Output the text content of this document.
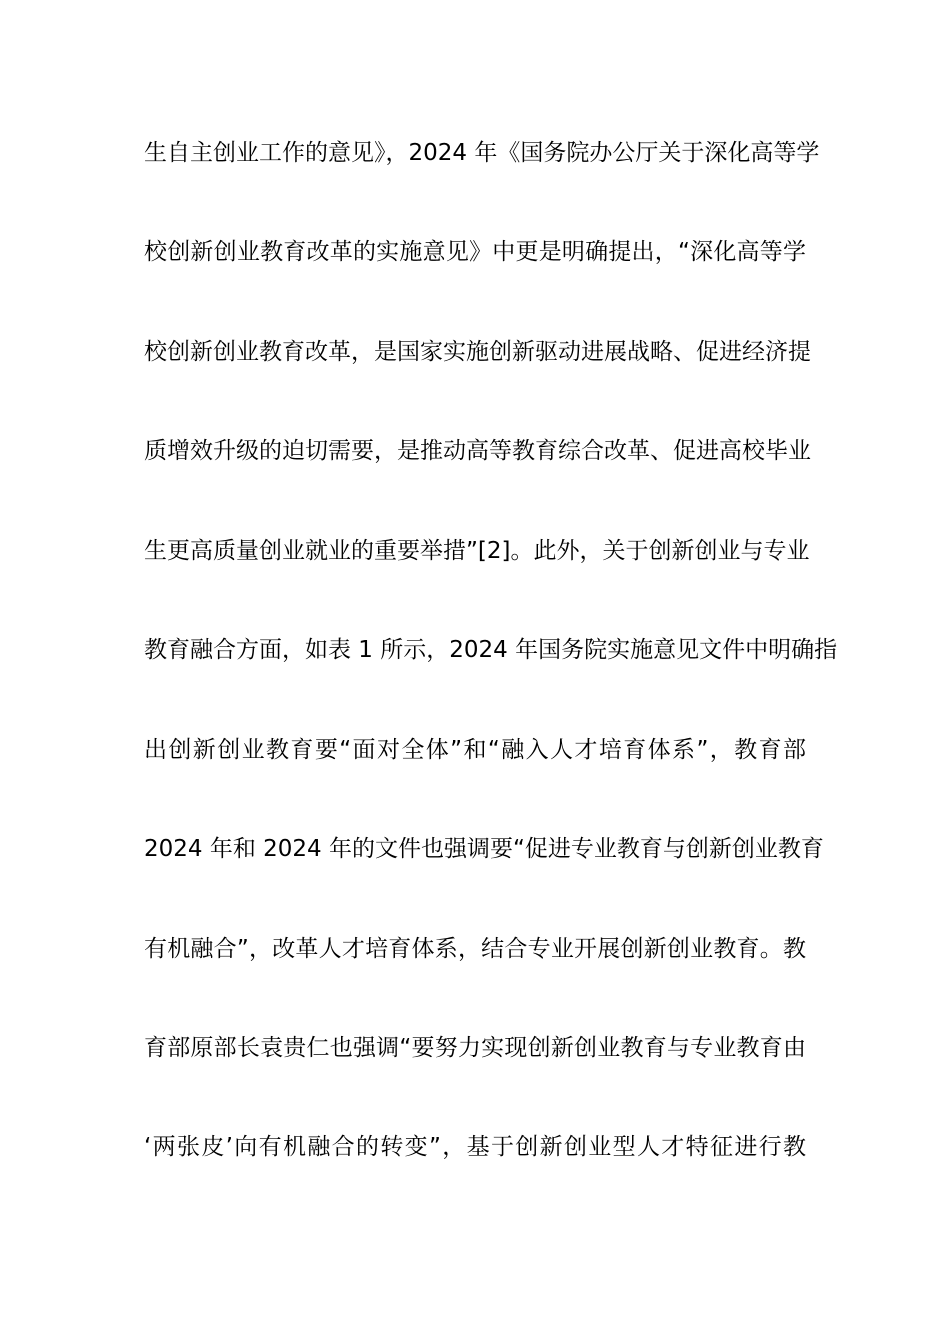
生自主创业工作的意见》，2024 年《国务院办公厅关于深化高等学
校创新创业教育改革的实施意见》中更是明确提出，“深化高等学
校创新创业教育改革，是国家实施创新驱动进展战略、促进经济提
质增效升级的迫切需要，是推动高等教育综合改革、促进高校毕业
生更高质量创业就业的重要举措”[2]。此外，关于创新创业与专业
教育融合方面，如表 1 所示，2024 年国务院实施意见文件中明确指
出创新创业教育要“面对全体”和“融入人才培育体系”，教育部
2024 年和 2024 年的文件也强调要“促进专业教育与创新创业教育
有机融合”，改革人才培育体系，结合专业开展创新创业教育。教
育部原部长袁贵仁也强调“要努力实现创新创业教育与专业教育由
‘两张皮’向有机融合的转变”，基于创新创业型人才特征进行教
